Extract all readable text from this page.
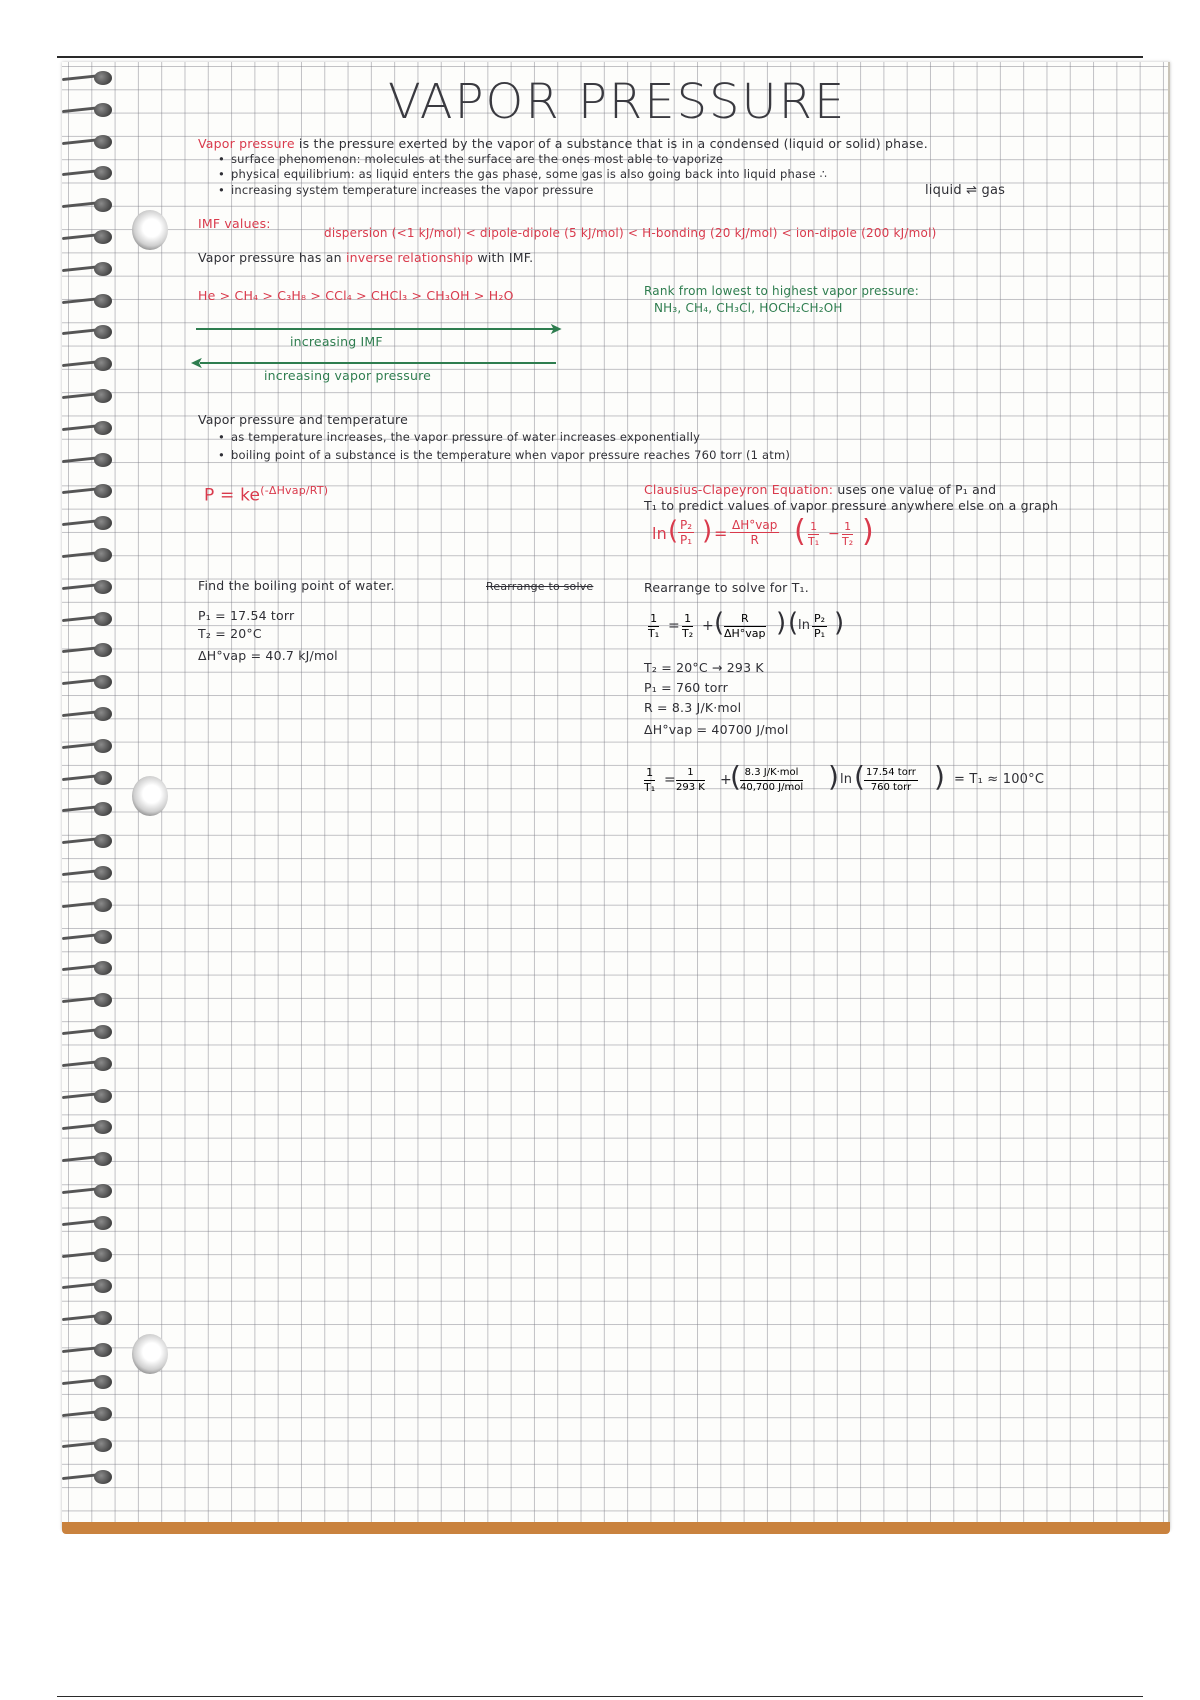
VAPOR PRESSURE
Vapor pressure is the pressure exerted by the vapor of a substance that is in a condensed (liquid or solid) phase.
• surface phenomenon: molecules at the surface are the ones most able to vaporize
• physical equilibrium: as liquid enters the gas phase, some gas is also going back into liquid phase ∴
• increasing system temperature increases the vapor pressure	liquid ⇌ gas
IMF values:
dispersion (<1 kJ/mol) < dipole-dipole (5 kJ/mol) < H-bonding (20 kJ/mol) < ion-dipole (200 kJ/mol)
Vapor pressure has an inverse relationship with IMF.
He > CH₄ > C₃H₈ > CCl₄ > CHCl₃ > CH₃OH > H₂O
➤
increasing IMF
➤
increasing vapor pressure
Rank from lowest to highest vapor pressure:
NH₃, CH₄, CH₃Cl, HOCH₂CH₂OH
Vapor pressure and temperature
• as temperature increases, the vapor pressure of water increases exponentially
• boiling point of a substance is the temperature when vapor pressure reaches 760 torr (1 atm)
$P = ke^{(-\Delta Hvap/RT)}$	Clausius-Clapeyron Equation: uses one value of P₁ and
T₁ to predict values of vapor pressure anywhere else on a graph
ln ( $\frac{\text{P₂}}{\text{P₁}}$ ) = ΔH°vap
R	( $\frac{1}{\text{T₁}} - \frac{1}{\text{T₂}}$ )
Find the boiling point of water.	Rearrange to solve	Rearrange to solve for T₁.
P₁ = 17.54 torr
T₂ = 20°C
ΔH°vap = 40.7 kJ/mol
$\frac{1}{\text{T₁}} = \frac{1}{\text{T₂}}$ + (	R
ΔH°vap ) ( $\ln \frac{\text{P₂}}{\text{P₁}}$ )
T₂ = 20°C → 293 K
P₁ = 760 torr
R = 8.3 J/K·mol
ΔH°vap = 40700 J/mol
$\frac{1}{\text{T₁}} = \frac{1}{293 K}$ +
( 8.3 J/K·mol
40,700 J/mol ) ln ( 17.54 torr
760 torr ) = T₁ ≈ 100°C
